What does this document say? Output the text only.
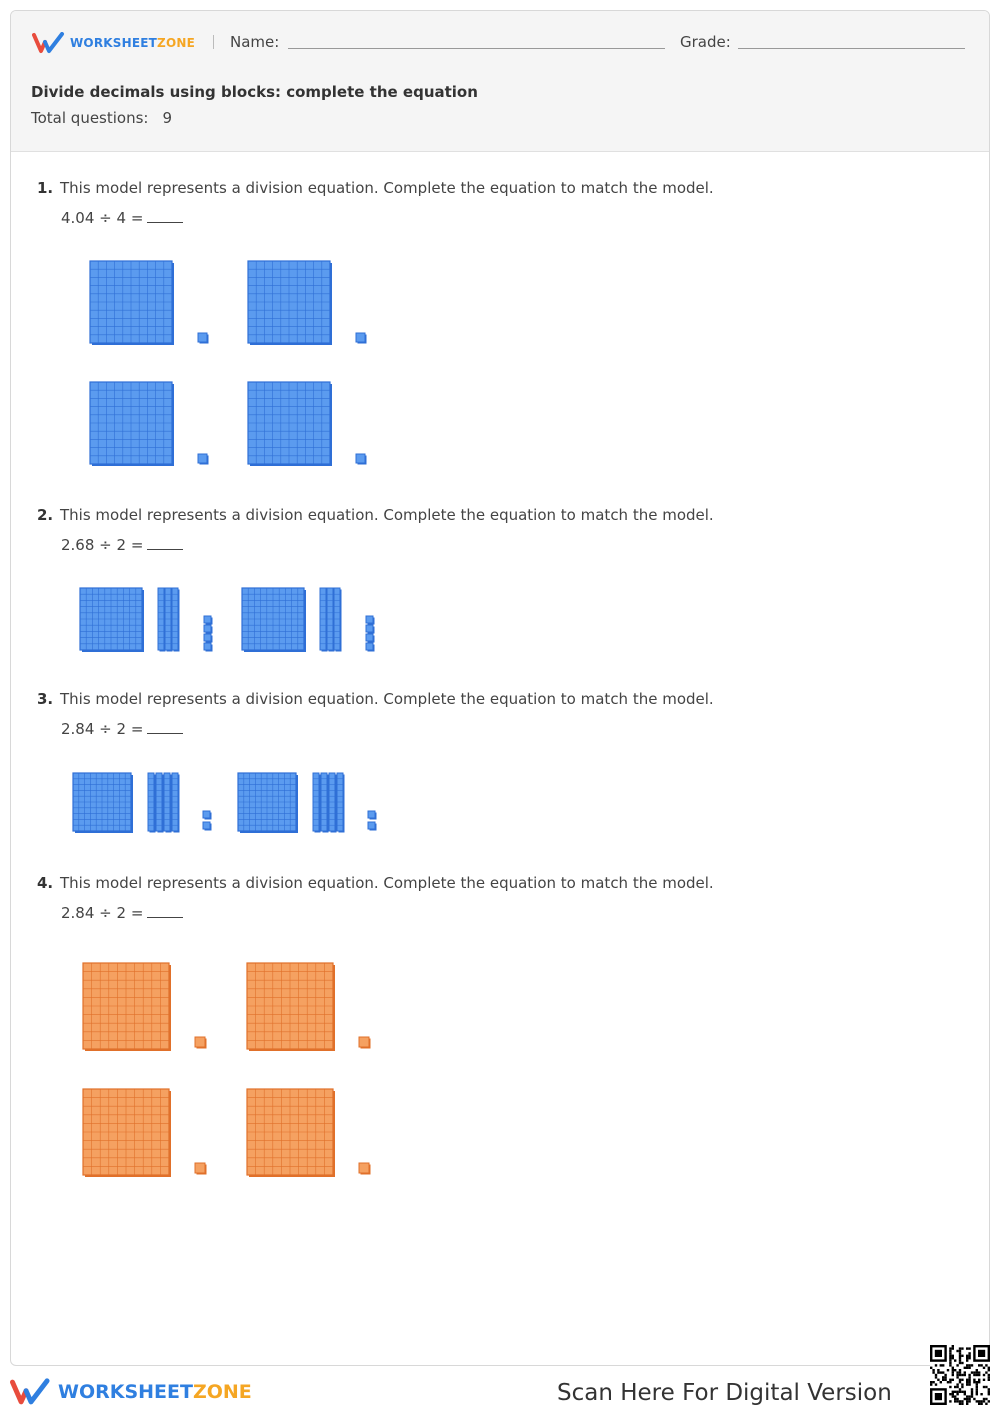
WORKSHEETZONE Name:	Grade:
Divide decimals using blocks: complete the equation
Total questions: 9
1. This model represents a division equation. Complete the equation to match the model.
4.04 ÷ 4 =
2. This model represents a division equation. Complete the equation to match the model.
2.68 ÷ 2 =
3. This model represents a division equation. Complete the equation to match the model.
2.84 ÷ 2 =
4. This model represents a division equation. Complete the equation to match the model.
2.84 ÷ 2 =
WORKSHEETZONE	Scan Here For Digital Version
